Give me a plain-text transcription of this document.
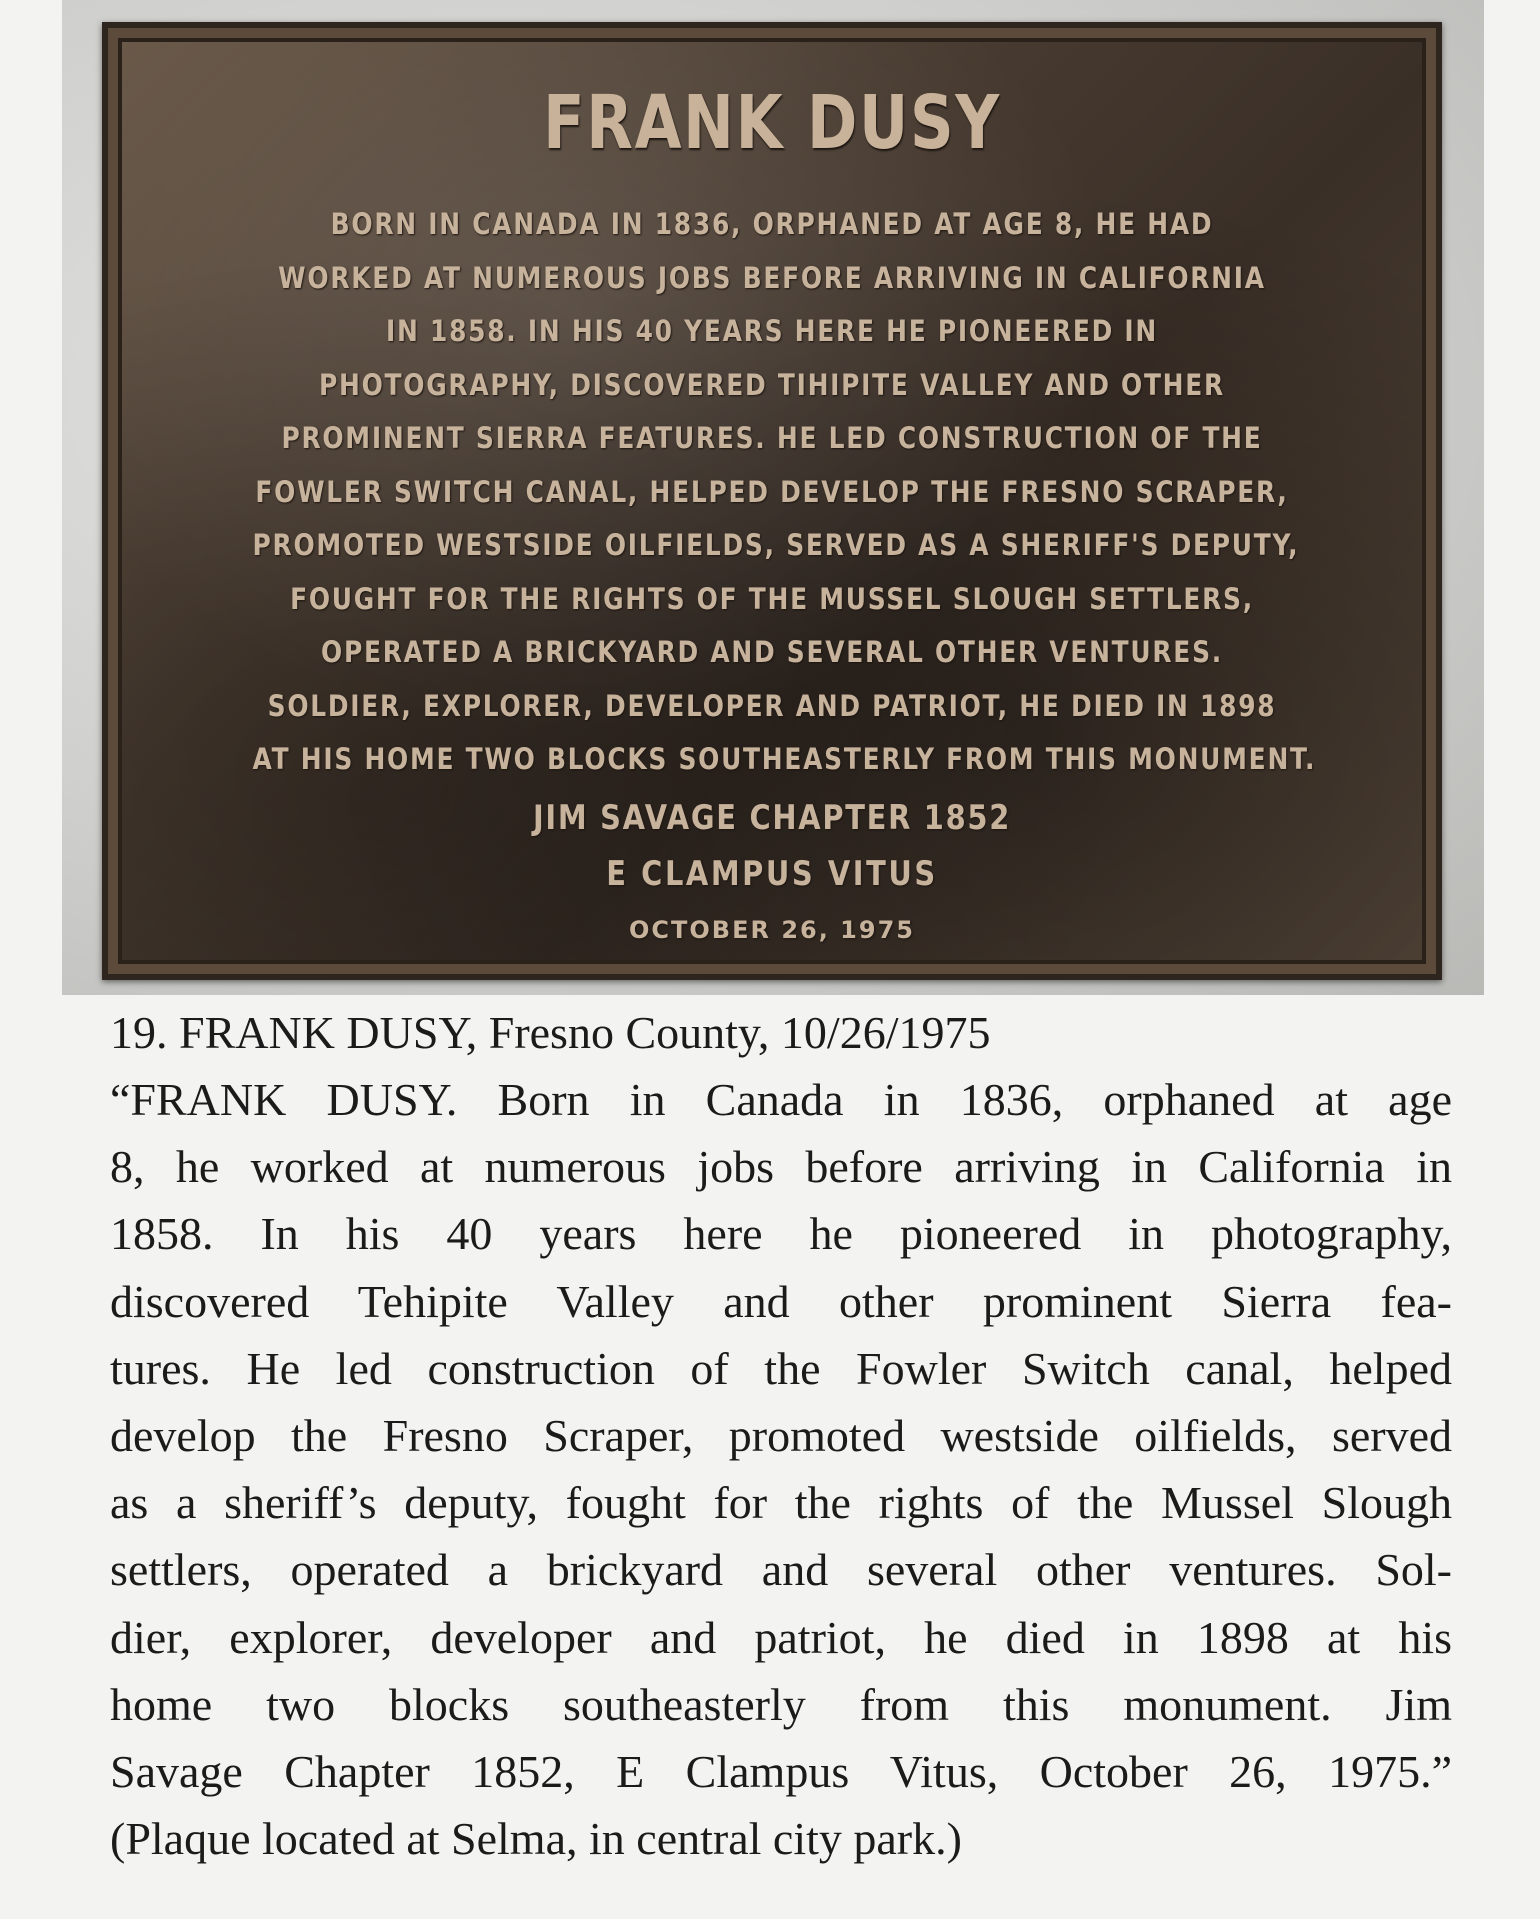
FRANK DUSY
BORN IN CANADA IN 1836, ORPHANED AT AGE 8, HE HAD
WORKED AT NUMEROUS JOBS BEFORE ARRIVING IN CALIFORNIA
IN 1858. IN HIS 40 YEARS HERE HE PIONEERED IN
PHOTOGRAPHY, DISCOVERED TIHIPITE VALLEY AND OTHER
PROMINENT SIERRA FEATURES. HE LED CONSTRUCTION OF THE
FOWLER SWITCH CANAL, HELPED DEVELOP THE FRESNO SCRAPER,
PROMOTED WESTSIDE OILFIELDS, SERVED AS A SHERIFF'S DEPUTY,
FOUGHT FOR THE RIGHTS OF THE MUSSEL SLOUGH SETTLERS,
OPERATED A BRICKYARD AND SEVERAL OTHER VENTURES.
SOLDIER, EXPLORER, DEVELOPER AND PATRIOT, HE DIED IN 1898
AT HIS HOME TWO BLOCKS SOUTHEASTERLY FROM THIS MONUMENT.
JIM SAVAGE CHAPTER 1852
E CLAMPUS VITUS
OCTOBER 26, 1975

19. FRANK DUSY, Fresno County, 10/26/1975

“FRANK DUSY. Born in Canada in 1836, orphaned at age
8, he worked at numerous jobs before arriving in California in
1858. In his 40 years here he pioneered in photography,
discovered Tehipite Valley and other prominent Sierra fea-
tures. He led construction of the Fowler Switch canal, helped
develop the Fresno Scraper, promoted westside oilfields, served
as a sheriff’s deputy, fought for the rights of the Mussel Slough
settlers, operated a brickyard and several other ventures. Sol-
dier, explorer, developer and patriot, he died in 1898 at his
home two blocks southeasterly from this monument. Jim
Savage Chapter 1852, E Clampus Vitus, October 26, 1975.”
(Plaque located at Selma, in central city park.)
